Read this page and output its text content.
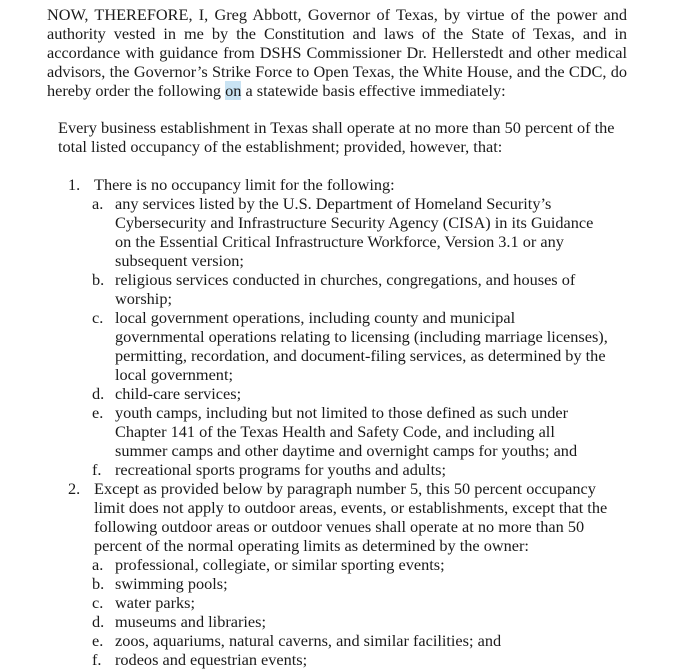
NOW, THEREFORE, I, Greg Abbott, Governor of Texas, by virtue of the power and authority vested in me by the Constitution and laws of the State of Texas, and in accordance with guidance from DSHS Commissioner Dr. Hellerstedt and other medical advisors, the Governor’s Strike Force to Open Texas, the White House, and the CDC, do hereby order the following on a statewide basis effective immediately:

Every business establishment in Texas shall operate at no more than 50 percent of the total listed occupancy of the establishment; provided, however, that:

1. There is no occupancy limit for the following:
a. any services listed by the U.S. Department of Homeland Security’s Cybersecurity and Infrastructure Security Agency (CISA) in its Guidance on the Essential Critical Infrastructure Workforce, Version 3.1 or any subsequent version;
b. religious services conducted in churches, congregations, and houses of worship;
c. local government operations, including county and municipal governmental operations relating to licensing (including marriage licenses), permitting, recordation, and document-filing services, as determined by the local government;
d. child-care services;
e. youth camps, including but not limited to those defined as such under Chapter 141 of the Texas Health and Safety Code, and including all summer camps and other daytime and overnight camps for youths; and
f. recreational sports programs for youths and adults;
2. Except as provided below by paragraph number 5, this 50 percent occupancy limit does not apply to outdoor areas, events, or establishments, except that the following outdoor areas or outdoor venues shall operate at no more than 50 percent of the normal operating limits as determined by the owner:
a. professional, collegiate, or similar sporting events;
b. swimming pools;
c. water parks;
d. museums and libraries;
e. zoos, aquariums, natural caverns, and similar facilities; and
f. rodeos and equestrian events;
